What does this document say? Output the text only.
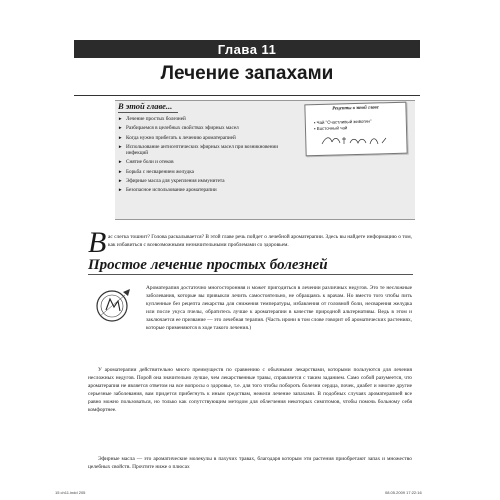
Глава 11
Лечение запахами
В этой главе...
► Лечение простых болезней
► Разбираемся в целебных свойствах эфирных масел
► Когда нужно прибегать к лечению ароматерапией
► Использование антисептических эфирных масел при возникновении инфекций
► Снятие боли и отеков
► Борьба с несварением желудка
► Эфирные масла для укрепления иммунитета
► Безопасное использование ароматерапии
Рецепты в этой главе
▪ Чай "Счастливый живогин"
▪ Восточный чай
В ас слегка тошнит? Голова раскалывается? В этой главе речь пойдет о лечебной ароматерапии. Здесь вы найдете информацию о том, как избавиться с всевозможными незначительными проблемами со здоровьем.

Простое лечение простых болезней

Ароматерапия достаточно многосторонняя и может пригодиться в лечении различных недугов. Это те несложные заболевания, которые вы привыкли лечить самостоятельно, не обращаясь к врачам. Но вместо того чтобы пить купленные без рецепта лекарства для снижения температуры, избавления от головной боли, несварения желудка или после укуса пчелы, обратитесь лучше к ароматерапии в качестве природной альтернативы. Ведь в этом и заключается ее призвание — это лечебная терапия. (Часть ирони в том слове говорит об ароматических растениях, которые применяются в ходе такого лечения.)

У ароматерапии действительно много преимуществ по сравнению с обычными лекарствами, которыми пользуются для лечения несложных недугов. Порой она значительно лучше, чем лекарственные травы, справляется с таким заданием. Само собой разумеется, что ароматерапия не является ответом на все вопросы о здоровье, т.е. для того чтобы побороть болезни сердца, почек, диабет и многие другие серьезные заболевания, вам придется прибегнуть к иным средствам, нежели лечение запахами. В подобных случаях ароматерапией все равно можно пользоваться, но только как сопутствующим методом для облегчения некоторых симптомов, чтобы помочь больному себя комфортнее.

Эфирные масла — это ароматические молекулы в пахучих травах, благодаря которым эти растения приобретают запах и множество целебных свойств. Прочтите ниже о плюсах

15 ch11.indd 205	08.05.2009 17:22:16
